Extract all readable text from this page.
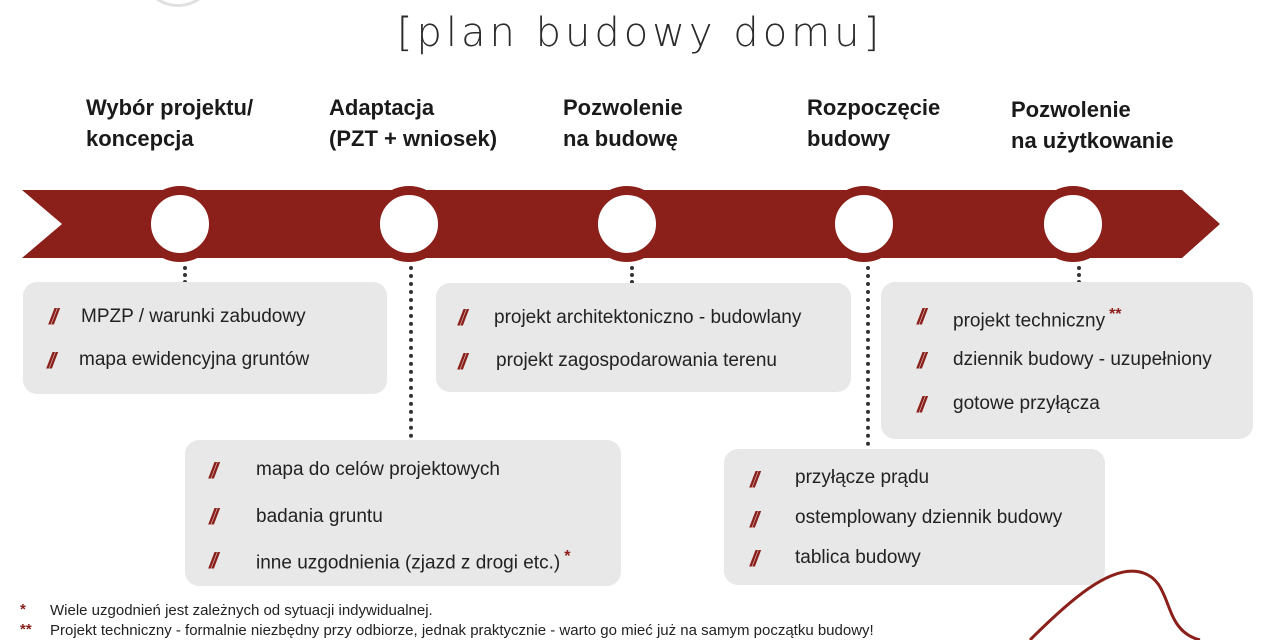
[plan budowy domu]
Wybór projektu/
koncepcja
Adaptacja
(PZT + wniosek)
Pozwolenie
na budowę
Rozpoczęcie
budowy
Pozwolenie
na użytkowanie
// MPZP / warunki zabudowy
// mapa ewidencyjna gruntów
// mapa do celów projektowych
// badania gruntu
// inne uzgodnienia (zjazd z drogi etc.) *
// projekt architektoniczno - budowlany
// projekt zagospodarowania terenu
// przyłącze prądu
// ostemplowany dziennik budowy
// tablica budowy
// projekt techniczny **
// dziennik budowy - uzupełniony
// gotowe przyłącza
* Wiele uzgodnień jest zależnych od sytuacji indywidualnej.
** Projekt techniczny - formalnie niezbędny przy odbiorze, jednak praktycznie - warto go mieć już na samym początku budowy!
